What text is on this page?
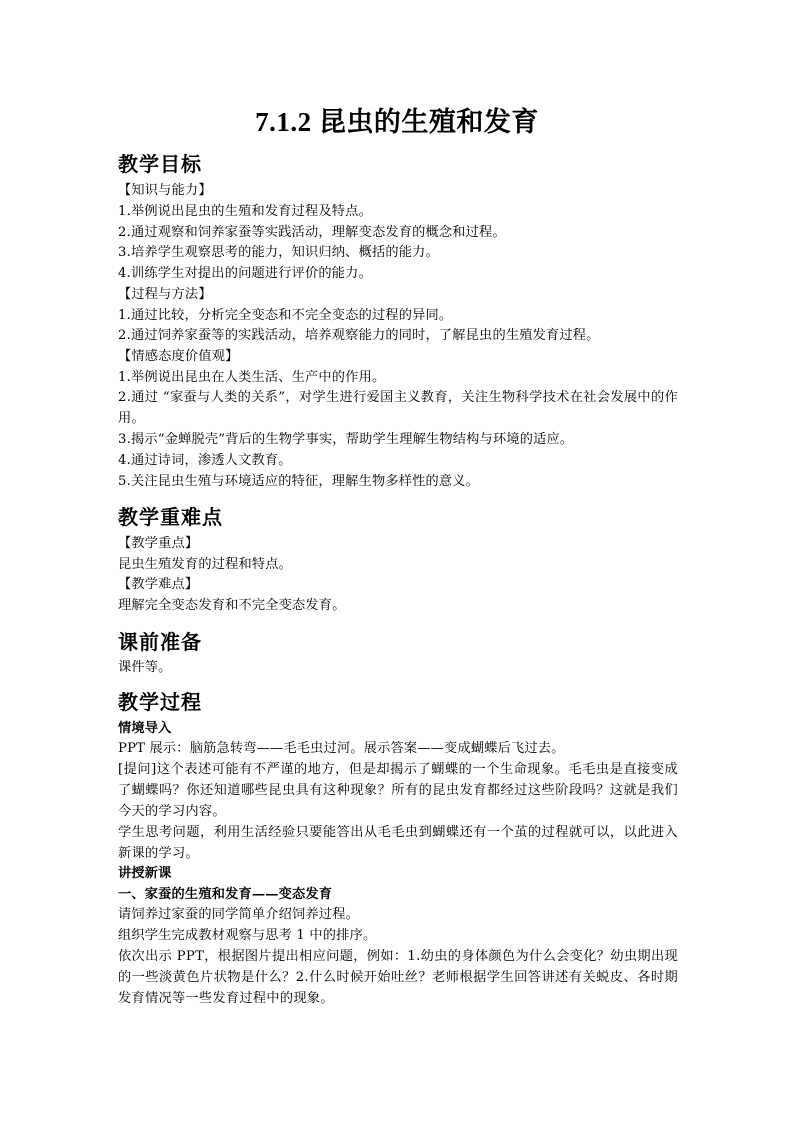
7.1.2 昆虫的生殖和发育
教学目标
【知识与能力】
1.举例说出昆虫的生殖和发育过程及特点。
2.通过观察和饲养家蚕等实践活动，理解变态发育的概念和过程。
3.培养学生观察思考的能力，知识归纳、概括的能力。
4.训练学生对提出的问题进行评价的能力。
【过程与方法】
1.通过比较，分析完全变态和不完全变态的过程的异同。
2.通过饲养家蚕等的实践活动，培养观察能力的同时，了解昆虫的生殖发育过程。
【情感态度价值观】
1.举例说出昆虫在人类生活、生产中的作用。
2.通过 “家蚕与人类的关系”，对学生进行爱国主义教育，关注生物科学技术在社会发展中的作用。
3.揭示“金蝉脱壳”背后的生物学事实，帮助学生理解生物结构与环境的适应。
4.通过诗词，渗透人文教育。
5.关注昆虫生殖与环境适应的特征，理解生物多样性的意义。
教学重难点
【教学重点】
昆虫生殖发育的过程和特点。
【教学难点】
理解完全变态发育和不完全变态发育。
课前准备
课件等。
教学过程
情境导入
PPT 展示：脑筋急转弯——毛毛虫过河。展示答案——变成蝴蝶后飞过去。
[提问]这个表述可能有不严谨的地方，但是却揭示了蝴蝶的一个生命现象。毛毛虫是直接变成了蝴蝶吗？你还知道哪些昆虫具有这种现象？所有的昆虫发育都经过这些阶段吗？这就是我们今天的学习内容。
学生思考问题，利用生活经验只要能答出从毛毛虫到蝴蝶还有一个茧的过程就可以，以此进入新课的学习。
讲授新课
一、家蚕的生殖和发育——变态发育
请饲养过家蚕的同学简单介绍饲养过程。
组织学生完成教材观察与思考 1 中的排序。
依次出示 PPT，根据图片提出相应问题，例如：1.幼虫的身体颜色为什么会变化？幼虫期出现的一些淡黄色片状物是什么？2.什么时候开始吐丝？老师根据学生回答讲述有关蜕皮、各时期发育情况等一些发育过程中的现象。
